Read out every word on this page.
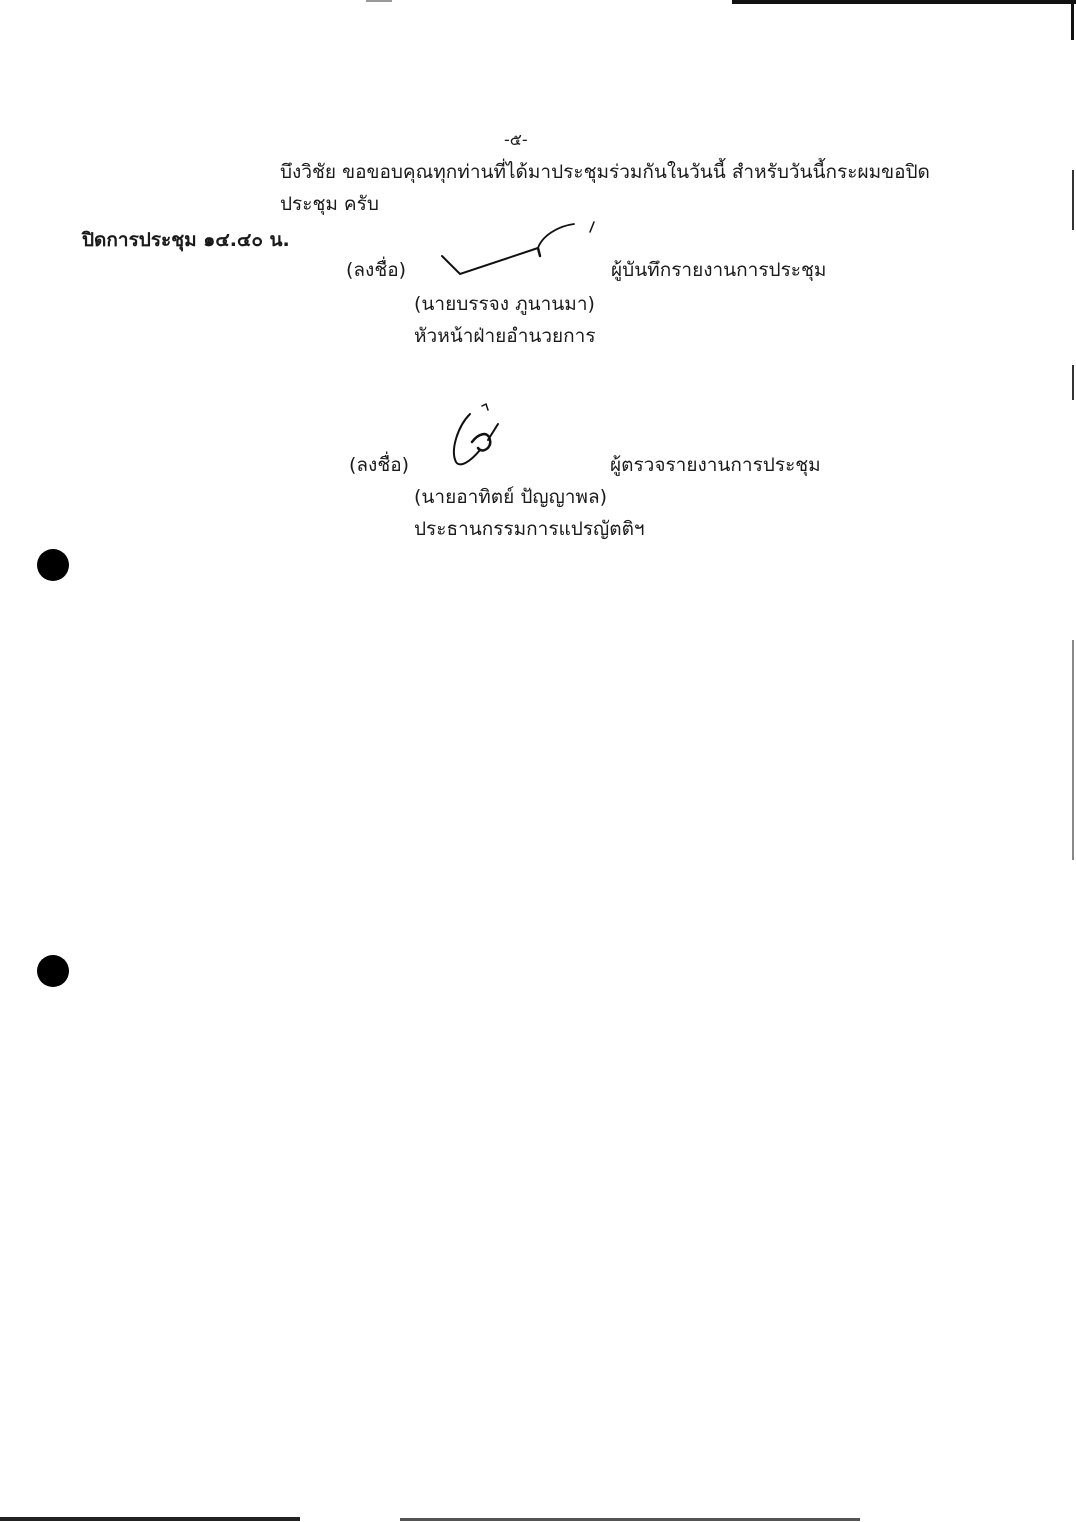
-๕-
บึงวิชัย ขอขอบคุณทุกท่านที่ได้มาประชุมร่วมกันในวันนี้ สำหรับวันนี้กระผมขอปิด
ประชุม ครับ
ปิดการประชุม ๑๔.๔๐ น.
(ลงชื่อ)	ผู้บันทึกรายงานการประชุม
(นายบรรจง ภูนานมา)
หัวหน้าฝ่ายอำนวยการ
(ลงชื่อ)	ผู้ตรวจรายงานการประชุม
(นายอาทิตย์ ปัญญาพล)
ประธานกรรมการแปรญัตติฯ
